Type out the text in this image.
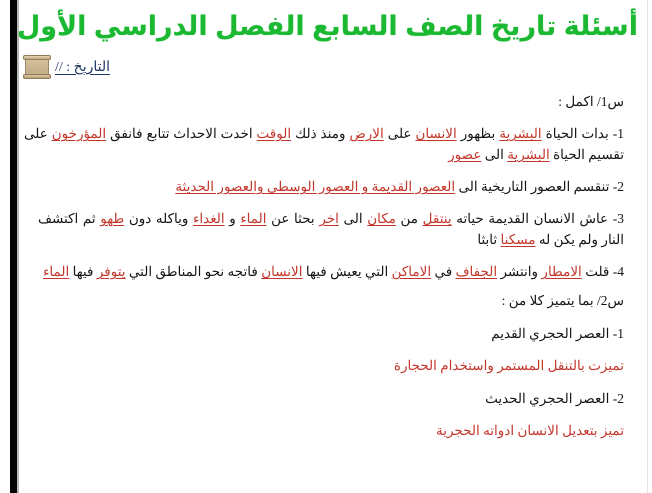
أسئلة تاريخ الصف السابع الفصل الدراسي الأول
التاريخ : //

س1/ اكمل :

1- بدات الحياة البشرية بظهور الانسان على الارض ومنذ ذلك الوقت اخدت الاحداث تتابع فانفق المؤرخون على تقسيم الحياة البشرية الى عصور

2- تنقسم العصور التاريخية الى العصور القديمة و العصور الوسطى والعصور الحديثة

3- عاش الانسان القديمة حياته ينتقل من مكان الى اخر بحثا عن الماء و الغداء وياكله دون طهو ثم اكتشف النار ولم يكن له مسكنا ثابثا

4- قلت الامطار وانتشر الجفاف في الاماكن التي يعيش فيها الانسان فاتجه نحو المناطق التي يتوفر فيها الماء

س2/ بما يتميز كلا من :

1- العصر الحجري القديم

تميزت بالتنقل المستمر واستخدام الحجارة

2- العصر الحجري الحديث

تميز بتعديل الانسان ادواته الحجرية
